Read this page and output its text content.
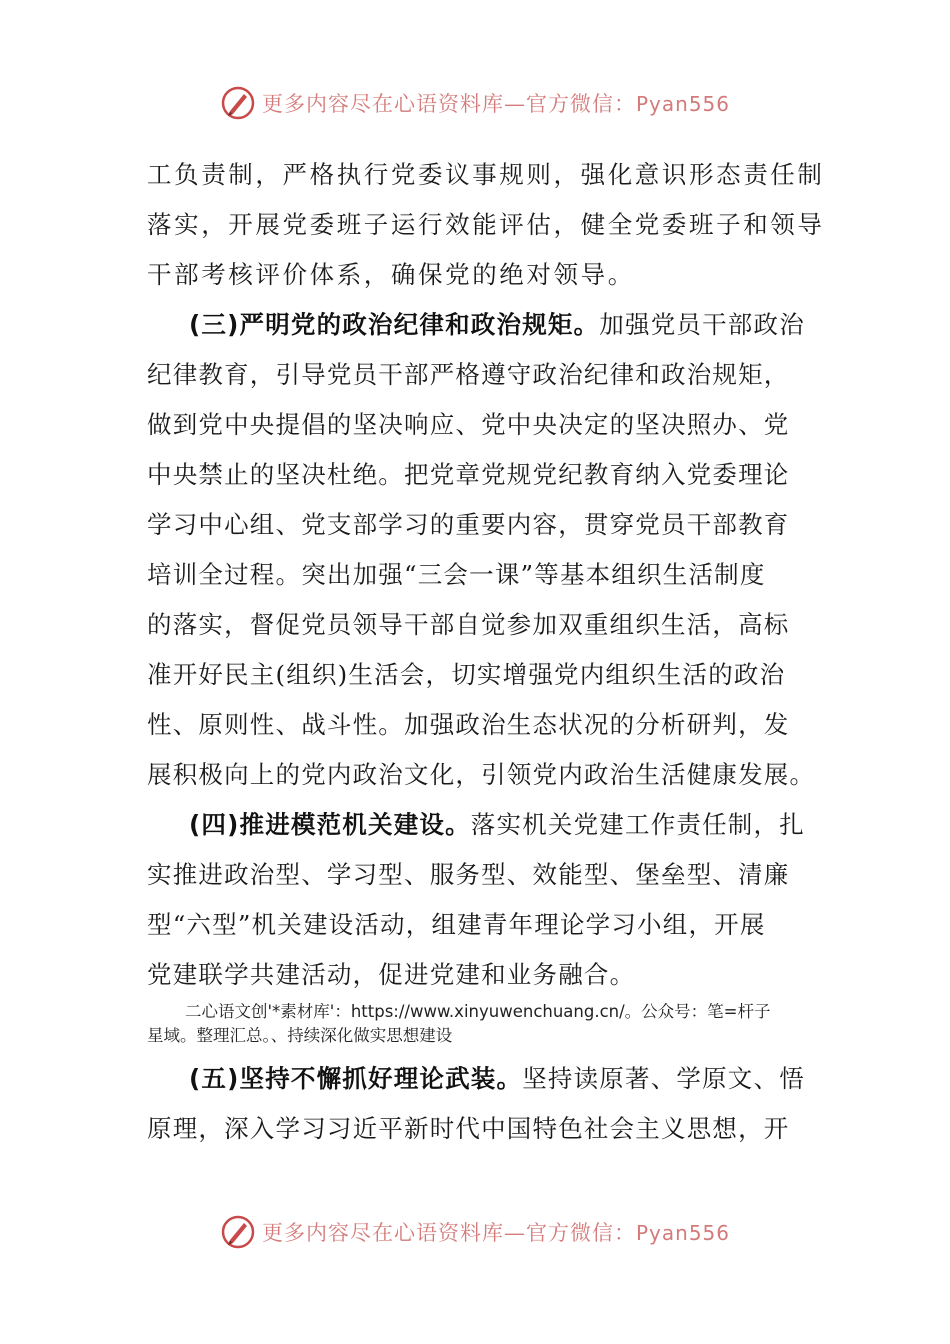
更多内容尽在心语资料库—官方微信：Pyan556
工负责制，严格执行党委议事规则，强化意识形态责任制
落实，开展党委班子运行效能评估，健全党委班子和领导
干部考核评价体系，确保党的绝对领导。
(三)严明党的政治纪律和政治规矩。加强党员干部政治
纪律教育，引导党员干部严格遵守政治纪律和政治规矩，
做到党中央提倡的坚决响应、党中央决定的坚决照办、党
中央禁止的坚决杜绝。把党章党规党纪教育纳入党委理论
学习中心组、党支部学习的重要内容，贯穿党员干部教育
培训全过程。突出加强“三会一课”等基本组织生活制度
的落实，督促党员领导干部自觉参加双重组织生活，高标
准开好民主(组织)生活会，切实增强党内组织生活的政治
性、原则性、战斗性。加强政治生态状况的分析研判，发
展积极向上的党内政治文化，引领党内政治生活健康发展。
(四)推进模范机关建设。落实机关党建工作责任制，扎
实推进政治型、学习型、服务型、效能型、堡垒型、清廉
型“六型”机关建设活动，组建青年理论学习小组，开展
党建联学共建活动，促进党建和业务融合。
二心语文创'*素材库'：https://www.xinyuwenchuang.cn/。公众号：笔=杆子
星域。整理汇总。、持续深化做实思想建设
(五)坚持不懈抓好理论武装。坚持读原著、学原文、悟
原理，深入学习习近平新时代中国特色社会主义思想，开
更多内容尽在心语资料库—官方微信：Pyan556
